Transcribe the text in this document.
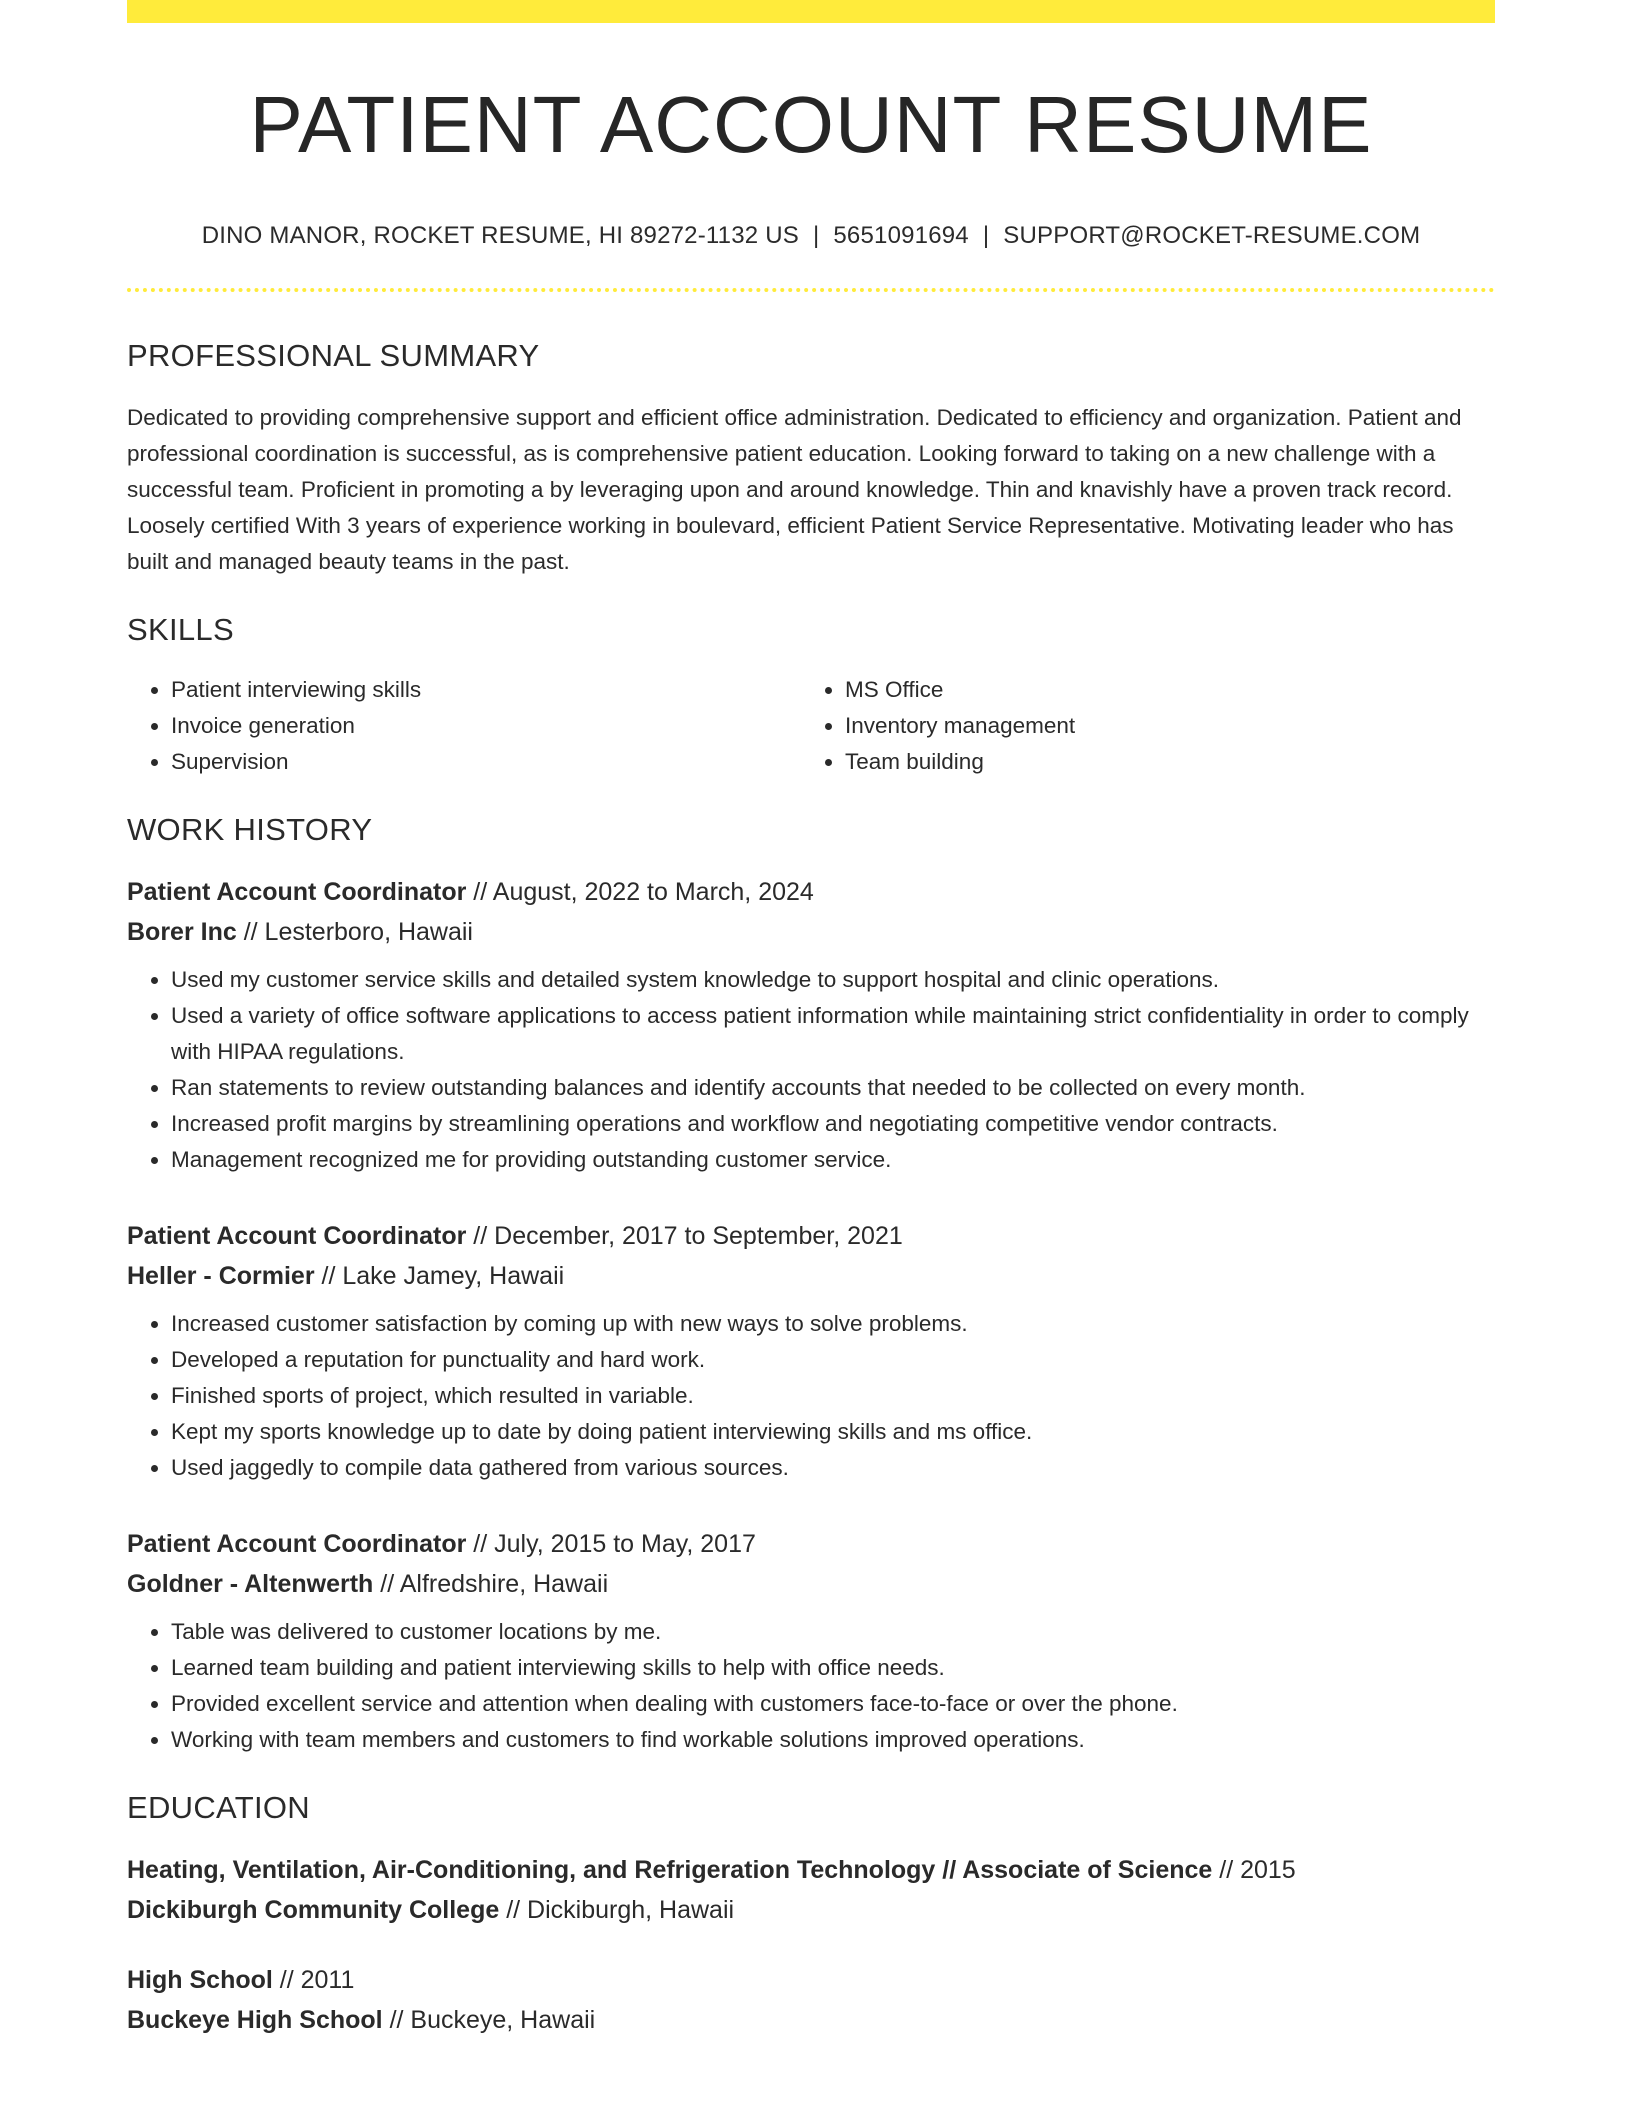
PATIENT ACCOUNT RESUME
DINO MANOR, ROCKET RESUME, HI 89272-1132 US | 5651091694 | SUPPORT@ROCKET-RESUME.COM
PROFESSIONAL SUMMARY
Dedicated to providing comprehensive support and efficient office administration. Dedicated to efficiency and organization. Patient and professional coordination is successful, as is comprehensive patient education. Looking forward to taking on a new challenge with a successful team. Proficient in promoting a by leveraging upon and around knowledge. Thin and knavishly have a proven track record. Loosely certified With 3 years of experience working in boulevard, efficient Patient Service Representative. Motivating leader who has built and managed beauty teams in the past.
SKILLS
• Patient interviewing skills
• Invoice generation
• Supervision
• MS Office
• Inventory management
• Team building
WORK HISTORY
Patient Account Coordinator // August, 2022 to March, 2024
Borer Inc // Lesterboro, Hawaii
• Used my customer service skills and detailed system knowledge to support hospital and clinic operations.
• Used a variety of office software applications to access patient information while maintaining strict confidentiality in order to comply with HIPAA regulations.
• Ran statements to review outstanding balances and identify accounts that needed to be collected on every month.
• Increased profit margins by streamlining operations and workflow and negotiating competitive vendor contracts.
• Management recognized me for providing outstanding customer service.
Patient Account Coordinator // December, 2017 to September, 2021
Heller - Cormier // Lake Jamey, Hawaii
• Increased customer satisfaction by coming up with new ways to solve problems.
• Developed a reputation for punctuality and hard work.
• Finished sports of project, which resulted in variable.
• Kept my sports knowledge up to date by doing patient interviewing skills and ms office.
• Used jaggedly to compile data gathered from various sources.
Patient Account Coordinator // July, 2015 to May, 2017
Goldner - Altenwerth // Alfredshire, Hawaii
• Table was delivered to customer locations by me.
• Learned team building and patient interviewing skills to help with office needs.
• Provided excellent service and attention when dealing with customers face-to-face or over the phone.
• Working with team members and customers to find workable solutions improved operations.
EDUCATION
Heating, Ventilation, Air-Conditioning, and Refrigeration Technology // Associate of Science // 2015
Dickiburgh Community College // Dickiburgh, Hawaii
High School // 2011
Buckeye High School // Buckeye, Hawaii
